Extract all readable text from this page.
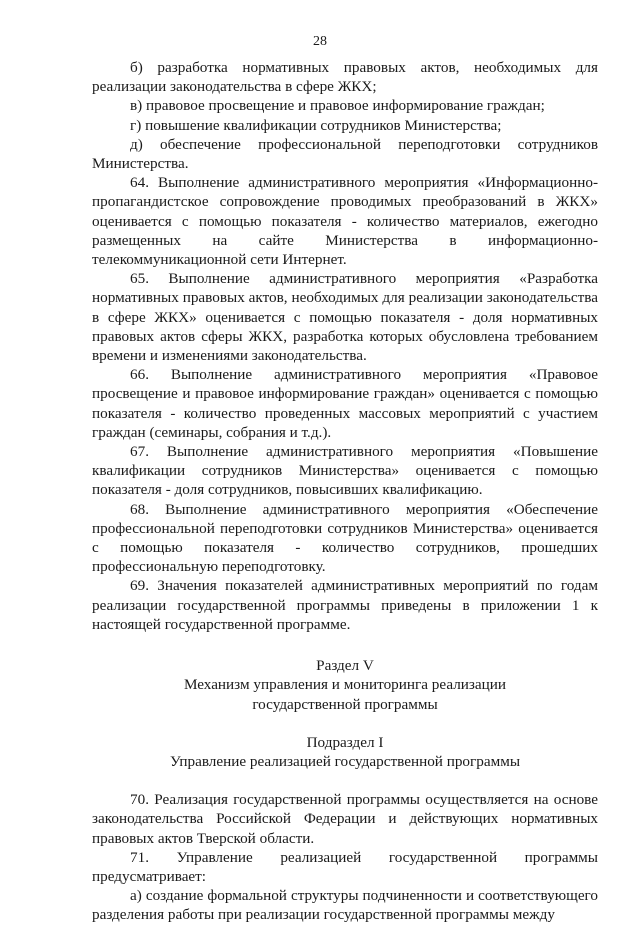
28

б) разработка нормативных правовых актов, необходимых для реализации законодательства в сфере ЖКХ;

в) правовое просвещение и правовое информирование граждан;

г) повышение квалификации сотрудников Министерства;

д) обеспечение профессиональной переподготовки сотрудников Министерства.

64. Выполнение административного мероприятия «Информационно-пропагандистское сопровождение проводимых преобразований в ЖКХ» оценивается с помощью показателя - количество материалов, ежегодно размещенных на сайте Министерства в информационно-телекоммуникационной сети Интернет.

65. Выполнение административного мероприятия «Разработка нормативных правовых актов, необходимых для реализации законодательства в сфере ЖКХ» оценивается с помощью показателя - доля нормативных правовых актов сферы ЖКХ, разработка которых обусловлена требованием времени и изменениями законодательства.

66. Выполнение административного мероприятия «Правовое просвещение и правовое информирование граждан» оценивается с помощью показателя - количество проведенных массовых мероприятий с участием граждан (семинары, собрания и т.д.).

67. Выполнение административного мероприятия «Повышение квалификации сотрудников Министерства» оценивается с помощью показателя - доля сотрудников, повысивших квалификацию.

68. Выполнение административного мероприятия «Обеспечение профессиональной переподготовки сотрудников Министерства» оценивается с помощью показателя - количество сотрудников, прошедших профессиональную переподготовку.

69. Значения показателей административных мероприятий по годам реализации государственной программы приведены в приложении 1 к настоящей государственной программе.

Раздел V

Механизм управления и мониторинга реализации

государственной программы

Подраздел I

Управление реализацией государственной программы

70. Реализация государственной программы осуществляется на основе законодательства Российской Федерации и действующих нормативных правовых актов Тверской области.

71. Управление реализацией государственной программы предусматривает:

а) создание формальной структуры подчиненности и соответствующего разделения работы при реализации государственной программы между
